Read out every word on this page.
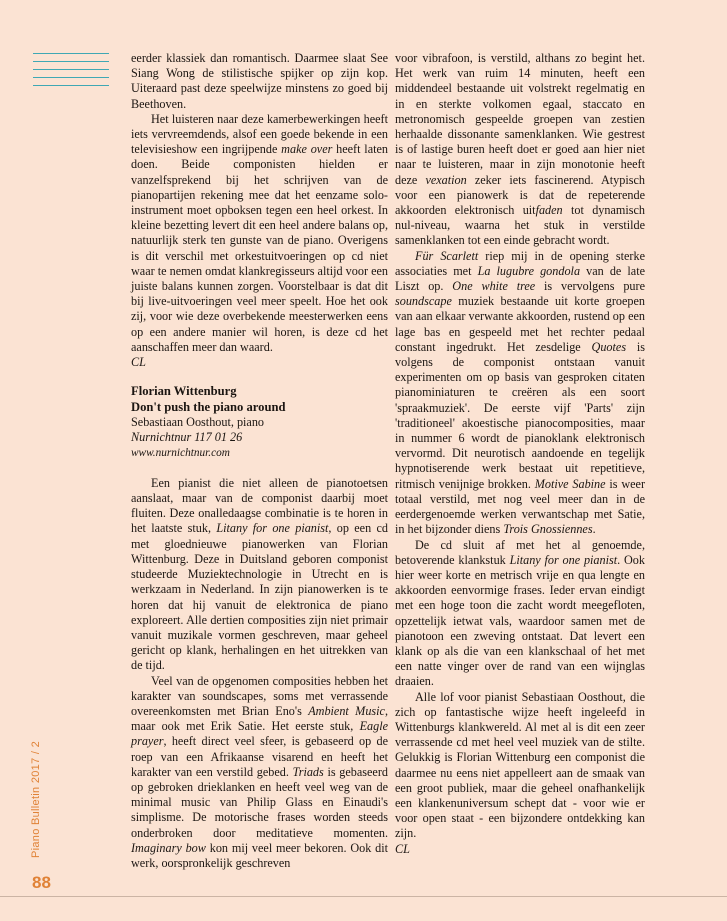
Piano Bulletin 2017 / 2
88

eerder klassiek dan romantisch. Daarmee slaat See Siang Wong de stilistische spijker op zijn kop. Uiteraard past deze speelwijze minstens zo goed bij Beethoven.

Het luisteren naar deze kamerbewerkingen heeft iets vervreemdends, alsof een goede bekende in een televisieshow een ingrijpende make over heeft laten doen. Beide componisten hielden er vanzelfsprekend bij het schrijven van de pianopartijen rekening mee dat het eenzame solo-instrument moet opboksen tegen een heel orkest. In kleine bezetting levert dit een heel andere balans op, natuurlijk sterk ten gunste van de piano. Overigens is dit verschil met orkestuitvoeringen op cd niet waar te nemen omdat klankregisseurs altijd voor een juiste balans kunnen zorgen. Voorstelbaar is dat dit bij live-uitvoeringen veel meer speelt. Hoe het ook zij, voor wie deze overbekende meesterwerken eens op een andere manier wil horen, is deze cd het aanschaffen meer dan waard.

CL

Florian Wittenburg

Don't push the piano around

Sebastiaan Oosthout, piano

Nurnichtnur 117 01 26

www.nurnichtnur.com

Een pianist die niet alleen de pianotoetsen aanslaat, maar van de componist daarbij moet fluiten. Deze onalledaagse combinatie is te horen in het laatste stuk, Litany for one pianist, op een cd met gloednieuwe pianowerken van Florian Wittenburg. Deze in Duitsland geboren componist studeerde Muziektechnologie in Utrecht en is werkzaam in Nederland. In zijn pianowerken is te horen dat hij vanuit de elektronica de piano exploreert. Alle dertien composities zijn niet primair vanuit muzikale vormen geschreven, maar geheel gericht op klank, herhalingen en het uitrekken van de tijd.

Veel van de opgenomen composities hebben het karakter van soundscapes, soms met verrassende overeenkomsten met Brian Eno's Ambient Music, maar ook met Erik Satie. Het eerste stuk, Eagle prayer, heeft direct veel sfeer, is gebaseerd op de roep van een Afrikaanse visarend en heeft het karakter van een verstild gebed. Triads is gebaseerd op gebroken drieklanken en heeft veel weg van de minimal music van Philip Glass en Einaudi's simplisme. De motorische frases worden steeds onderbroken door meditatieve momenten. Imaginary bow kon mij veel meer bekoren. Ook dit werk, oorspronkelijk geschreven

voor vibrafoon, is verstild, althans zo begint het. Het werk van ruim 14 minuten, heeft een middendeel bestaande uit volstrekt regelmatig en in en sterkte volkomen egaal, staccato en metronomisch gespeelde groepen van zestien herhaalde dissonante samenklanken. Wie gestrest is of lastige buren heeft doet er goed aan hier niet naar te luisteren, maar in zijn monotonie heeft deze vexation zeker iets fascinerend. Atypisch voor een pianowerk is dat de repeterende akkoorden elektronisch uitfaden tot dynamisch nul-niveau, waarna het stuk in verstilde samenklanken tot een einde gebracht wordt.

Für Scarlett riep mij in de opening sterke associaties met La lugubre gondola van de late Liszt op. One white tree is vervolgens pure soundscape muziek bestaande uit korte groepen van aan elkaar verwante akkoorden, rustend op een lage bas en gespeeld met het rechter pedaal constant ingedrukt. Het zesdelige Quotes is volgens de componist ontstaan vanuit experimenten om op basis van gesproken citaten pianominiaturen te creëren als een soort 'spraakmuziek'. De eerste vijf 'Parts' zijn 'traditioneel' akoestische pianocomposities, maar in nummer 6 wordt de pianoklank elektronisch vervormd. Dit neurotisch aandoende en tegelijk hypnotiserende werk bestaat uit repetitieve, ritmisch venijnige brokken. Motive Sabine is weer totaal verstild, met nog veel meer dan in de eerdergenoemde werken verwantschap met Satie, in het bijzonder diens Trois Gnossiennes.

De cd sluit af met het al genoemde, betoverende klankstuk Litany for one pianist. Ook hier weer korte en metrisch vrije en qua lengte en akkoorden eenvormige frases. Ieder ervan eindigt met een hoge toon die zacht wordt meegefloten, opzettelijk ietwat vals, waardoor samen met de pianotoon een zweving ontstaat. Dat levert een klank op als die van een klankschaal of het met een natte vinger over de rand van een wijnglas draaien.

Alle lof voor pianist Sebastiaan Oosthout, die zich op fantastische wijze heeft ingeleefd in Wittenburgs klankwereld. Al met al is dit een zeer verrassende cd met heel veel muziek van de stilte. Gelukkig is Florian Wittenburg een componist die daarmee nu eens niet appelleert aan de smaak van een groot publiek, maar die geheel onafhankelijk een klankenuniversum schept dat - voor wie er voor open staat - een bijzondere ontdekking kan zijn.

CL
